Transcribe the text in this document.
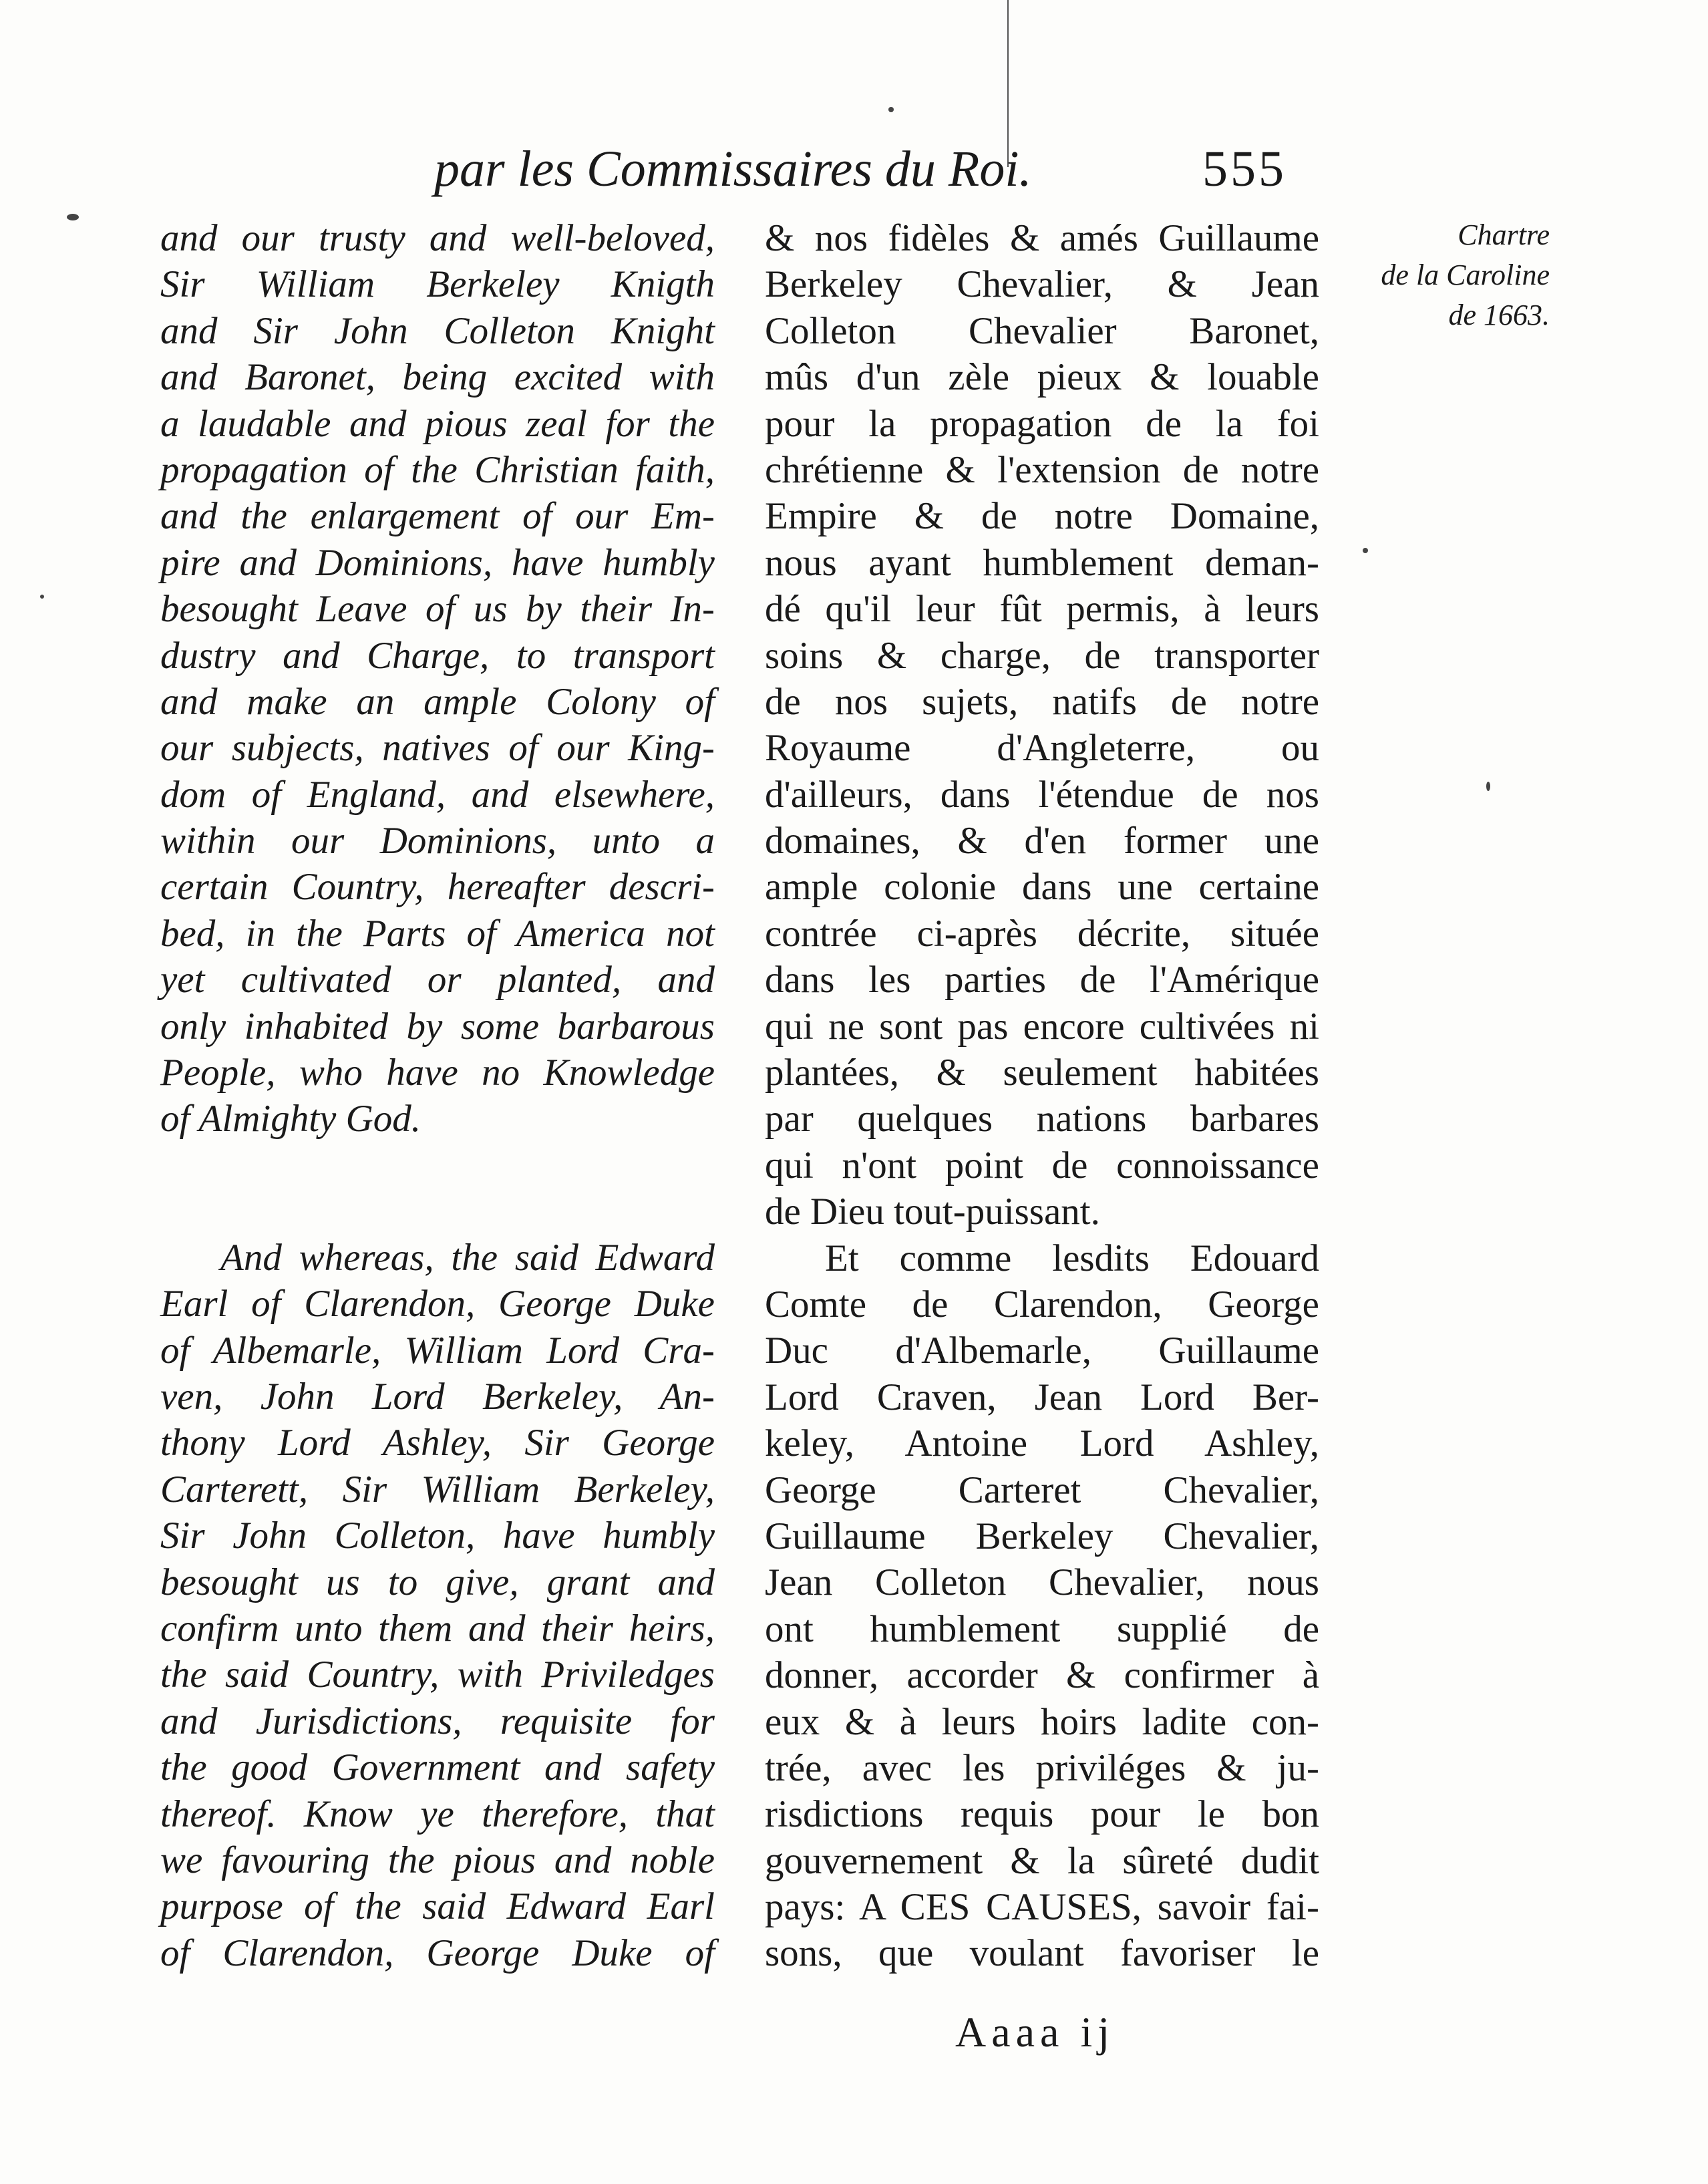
par les Commissaires du Roi.	555
and our trusty and well-beloved,
Sir William Berkeley Knigth
and Sir John Colleton Knight
and Baronet, being excited with
a laudable and pious zeal for the
propagation of the Christian faith,
and the enlargement of our Em-
pire and Dominions, have humbly
besought Leave of us by their In-
dustry and Charge, to transport
and make an ample Colony of
our subjects, natives of our King-
dom of England, and elsewhere,
within our Dominions, unto a
certain Country, hereafter descri-
bed, in the Parts of America not
yet cultivated or planted, and
only inhabited by some barbarous
People, who have no Knowledge
of Almighty God.
And whereas, the said Edward
Earl of Clarendon, George Duke
of Albemarle, William Lord Cra-
ven, John Lord Berkeley, An-
thony Lord Ashley, Sir George
Carterett, Sir William Berkeley,
Sir John Colleton, have humbly
besought us to give, grant and
confirm unto them and their heirs,
the said Country, with Priviledges
and Jurisdictions, requisite for
the good Government and safety
thereof. Know ye therefore, that
we favouring the pious and noble
purpose of the said Edward Earl
of Clarendon, George Duke of
& nos fidèles & amés Guillaume
Berkeley Chevalier, & Jean
Colleton Chevalier Baronet,
mûs d'un zèle pieux & louable
pour la propagation de la foi
chrétienne & l'extension de notre
Empire & de notre Domaine,
nous ayant humblement deman-
dé qu'il leur fût permis, à leurs
soins & charge, de transporter
de nos sujets, natifs de notre
Royaume d'Angleterre, ou
d'ailleurs, dans l'étendue de nos
domaines, & d'en former une
ample colonie dans une certaine
contrée ci-après décrite, située
dans les parties de l'Amérique
qui ne sont pas encore cultivées ni
plantées, & seulement habitées
par quelques nations barbares
qui n'ont point de connoissance
de Dieu tout-puissant.
Et comme lesdits Edouard
Comte de Clarendon, George
Duc d'Albemarle, Guillaume
Lord Craven, Jean Lord Ber-
keley, Antoine Lord Ashley,
George Carteret Chevalier,
Guillaume Berkeley Chevalier,
Jean Colleton Chevalier, nous
ont humblement supplié de
donner, accorder & confirmer à
eux & à leurs hoirs ladite con-
trée, avec les priviléges & ju-
risdictions requis pour le bon
gouvernement & la sûreté dudit
pays: A CES CAUSES, savoir fai-
sons, que voulant favoriser le
Chartre
de la Caroline
de 1663.
Aaaa ij
